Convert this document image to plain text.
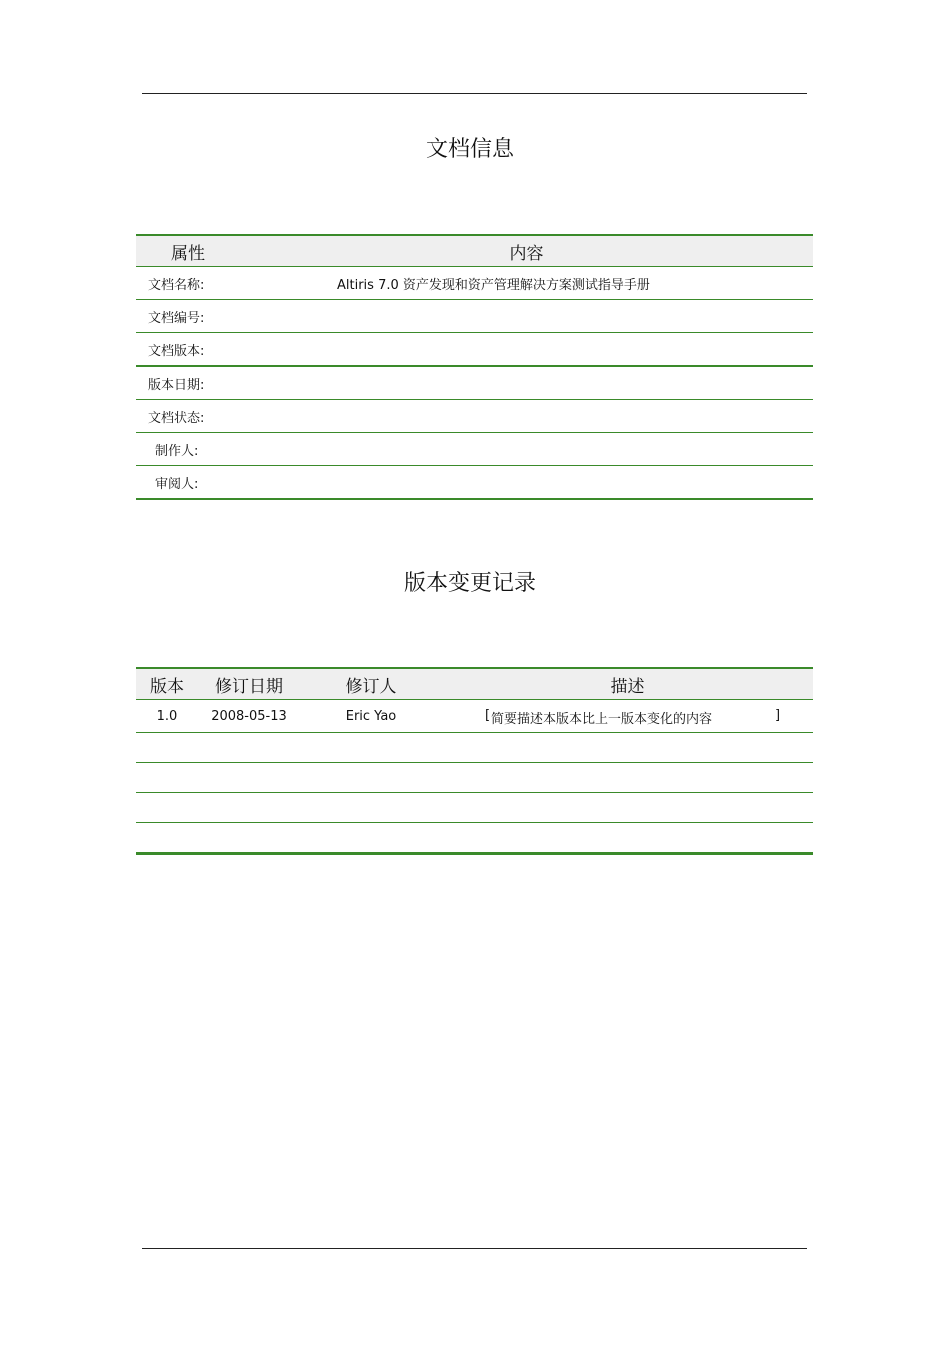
文档信息
属性	内容
文档名称:	Altiris 7.0 资产发现和资产管理解决方案测试指导手册
文档编号:	
文档版本:	
版本日期:	
文档状态:	
制作人:	
审阅人:	
版本变更记录
版本	修订日期	修订人	描述
1.0	2008-05-13	Eric Yao	[ 简要描述本版本比上一版本变化的内容 ]
